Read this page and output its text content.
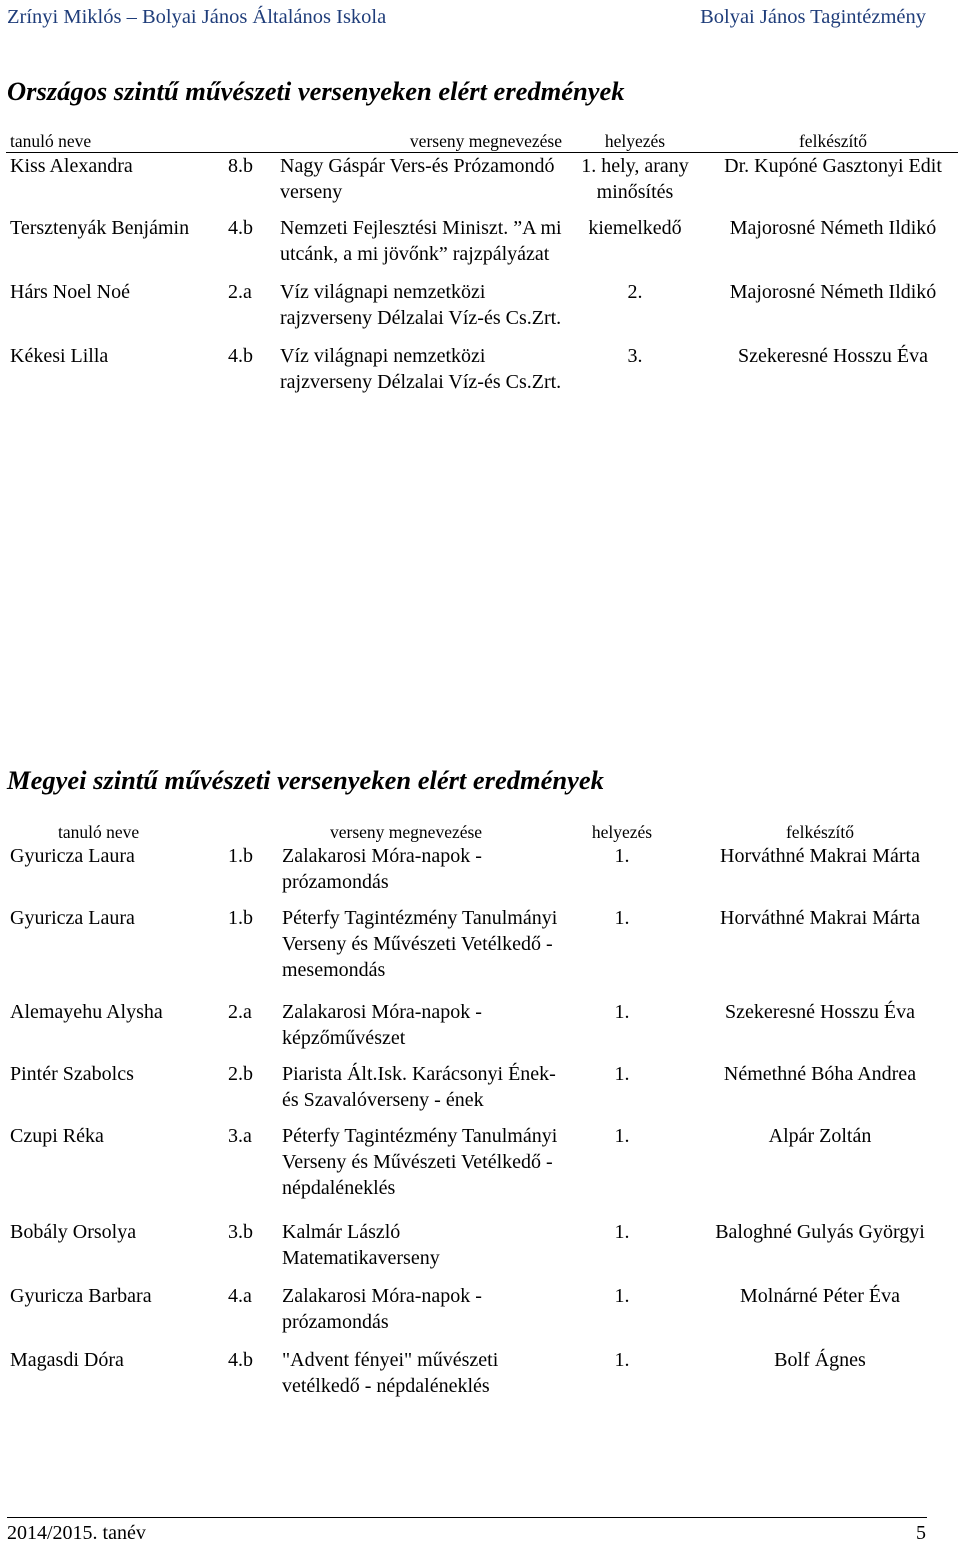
Zrínyi Miklós – Bolyai János Általános Iskola	Bolyai János Tagintézmény
Országos szintű művészeti versenyeken elért eredmények
tanuló neve		verseny megnevezése	helyezés	felkészítő
Kiss Alexandra	8.b	Nagy Gáspár Vers-és Prózamondó verseny	1. hely, arany minősítés	Dr. Kupóné Gasztonyi Edit
Tersztenyák Benjámin	4.b	Nemzeti Fejlesztési Miniszt. ”A mi utcánk, a mi jövőnk” rajzpályázat	kiemelkedő	Majorosné Németh Ildikó
Hárs Noel Noé	2.a	Víz világnapi nemzetközi rajzverseny Délzalai Víz-és Cs.Zrt.	2.	Majorosné Németh Ildikó
Kékesi Lilla	4.b	Víz világnapi nemzetközi rajzverseny Délzalai Víz-és Cs.Zrt.	3.	Szekeresné Hosszu Éva
Megyei szintű művészeti versenyeken elért eredmények
tanuló neve		verseny megnevezése	helyezés	felkészítő
Gyuricza Laura	1.b	Zalakarosi Móra-napok - prózamondás	1.	Horváthné Makrai Márta
Gyuricza Laura	1.b	Péterfy Tagintézmény Tanulmányi Verseny és Művészeti Vetélkedő - mesemondás	1.	Horváthné Makrai Márta
Alemayehu Alysha	2.a	Zalakarosi Móra-napok - képzőművészet	1.	Szekeresné Hosszu Éva
Pintér Szabolcs	2.b	Piarista Ált.Isk. Karácsonyi Ének- és Szavalóverseny - ének	1.	Némethné Bóha Andrea
Czupi Réka	3.a	Péterfy Tagintézmény Tanulmányi Verseny és Művészeti Vetélkedő - népdaléneklés	1.	Alpár Zoltán
Bobály Orsolya	3.b	Kalmár László Matematikaverseny	1.	Baloghné Gulyás Györgyi
Gyuricza Barbara	4.a	Zalakarosi Móra-napok - prózamondás	1.	Molnárné Péter Éva
Magasdi Dóra	4.b	"Advent fényei" művészeti vetélkedő - népdaléneklés	1.	Bolf Ágnes
2014/2015. tanév	5
